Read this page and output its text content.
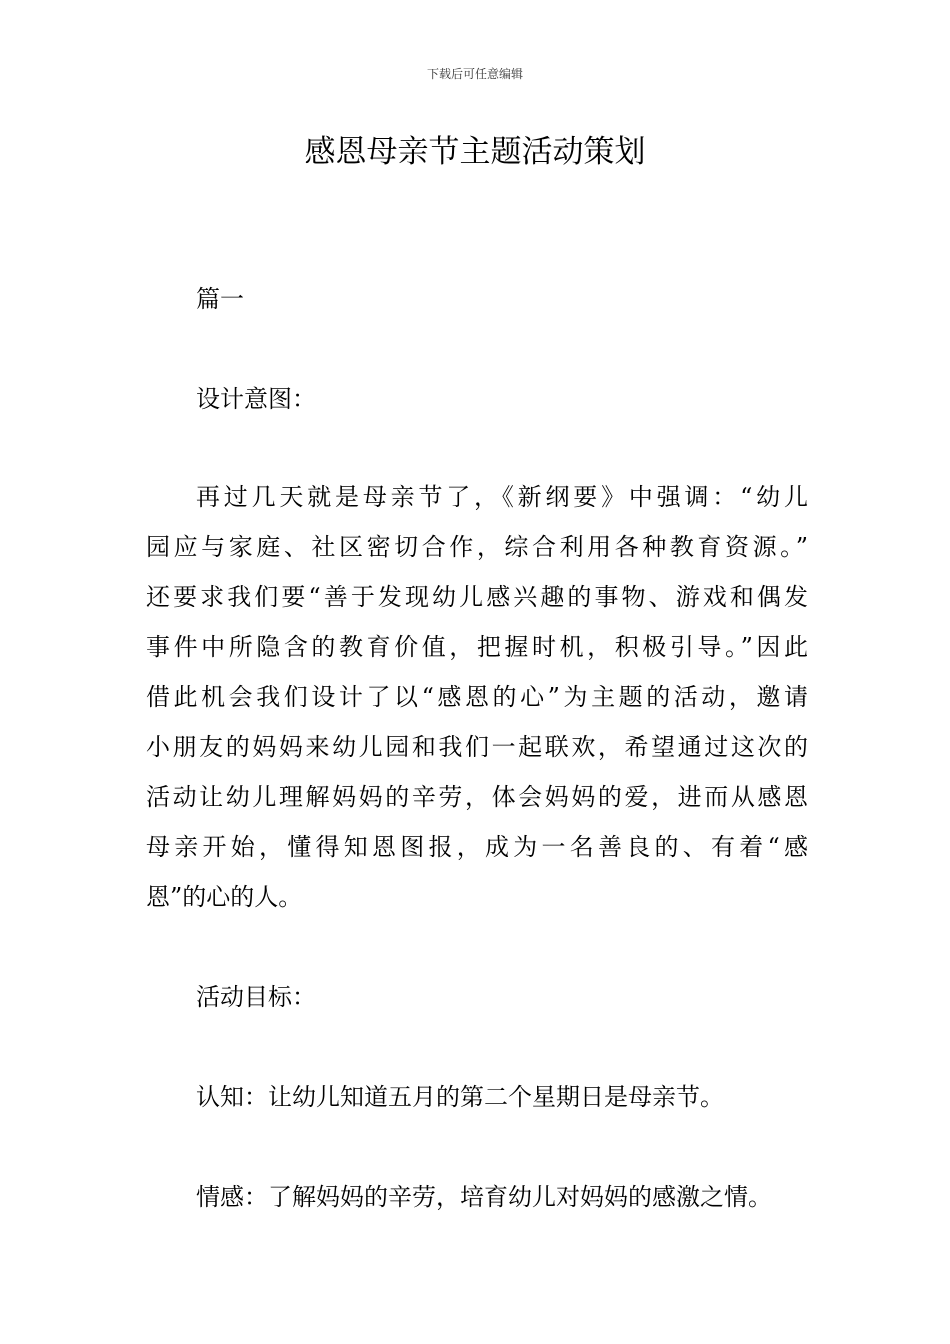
下载后可任意编辑
感恩母亲节主题活动策划

篇一

设计意图：

再过几天就是母亲节了，《新纲要》中强调：“幼儿
园应与家庭、社区密切合作，综合利用各种教育资源。”
还要求我们要“善于发现幼儿感兴趣的事物、游戏和偶发
事件中所隐含的教育价值，把握时机，积极引导。”因此
借此机会我们设计了以“感恩的心”为主题的活动，邀请
小朋友的妈妈来幼儿园和我们一起联欢，希望通过这次的
活动让幼儿理解妈妈的辛劳，体会妈妈的爱，进而从感恩
母亲开始，懂得知恩图报，成为一名善良的、有着“感
恩”的心的人。

活动目标：

认知：让幼儿知道五月的第二个星期日是母亲节。

情感：了解妈妈的辛劳，培育幼儿对妈妈的感激之情。
